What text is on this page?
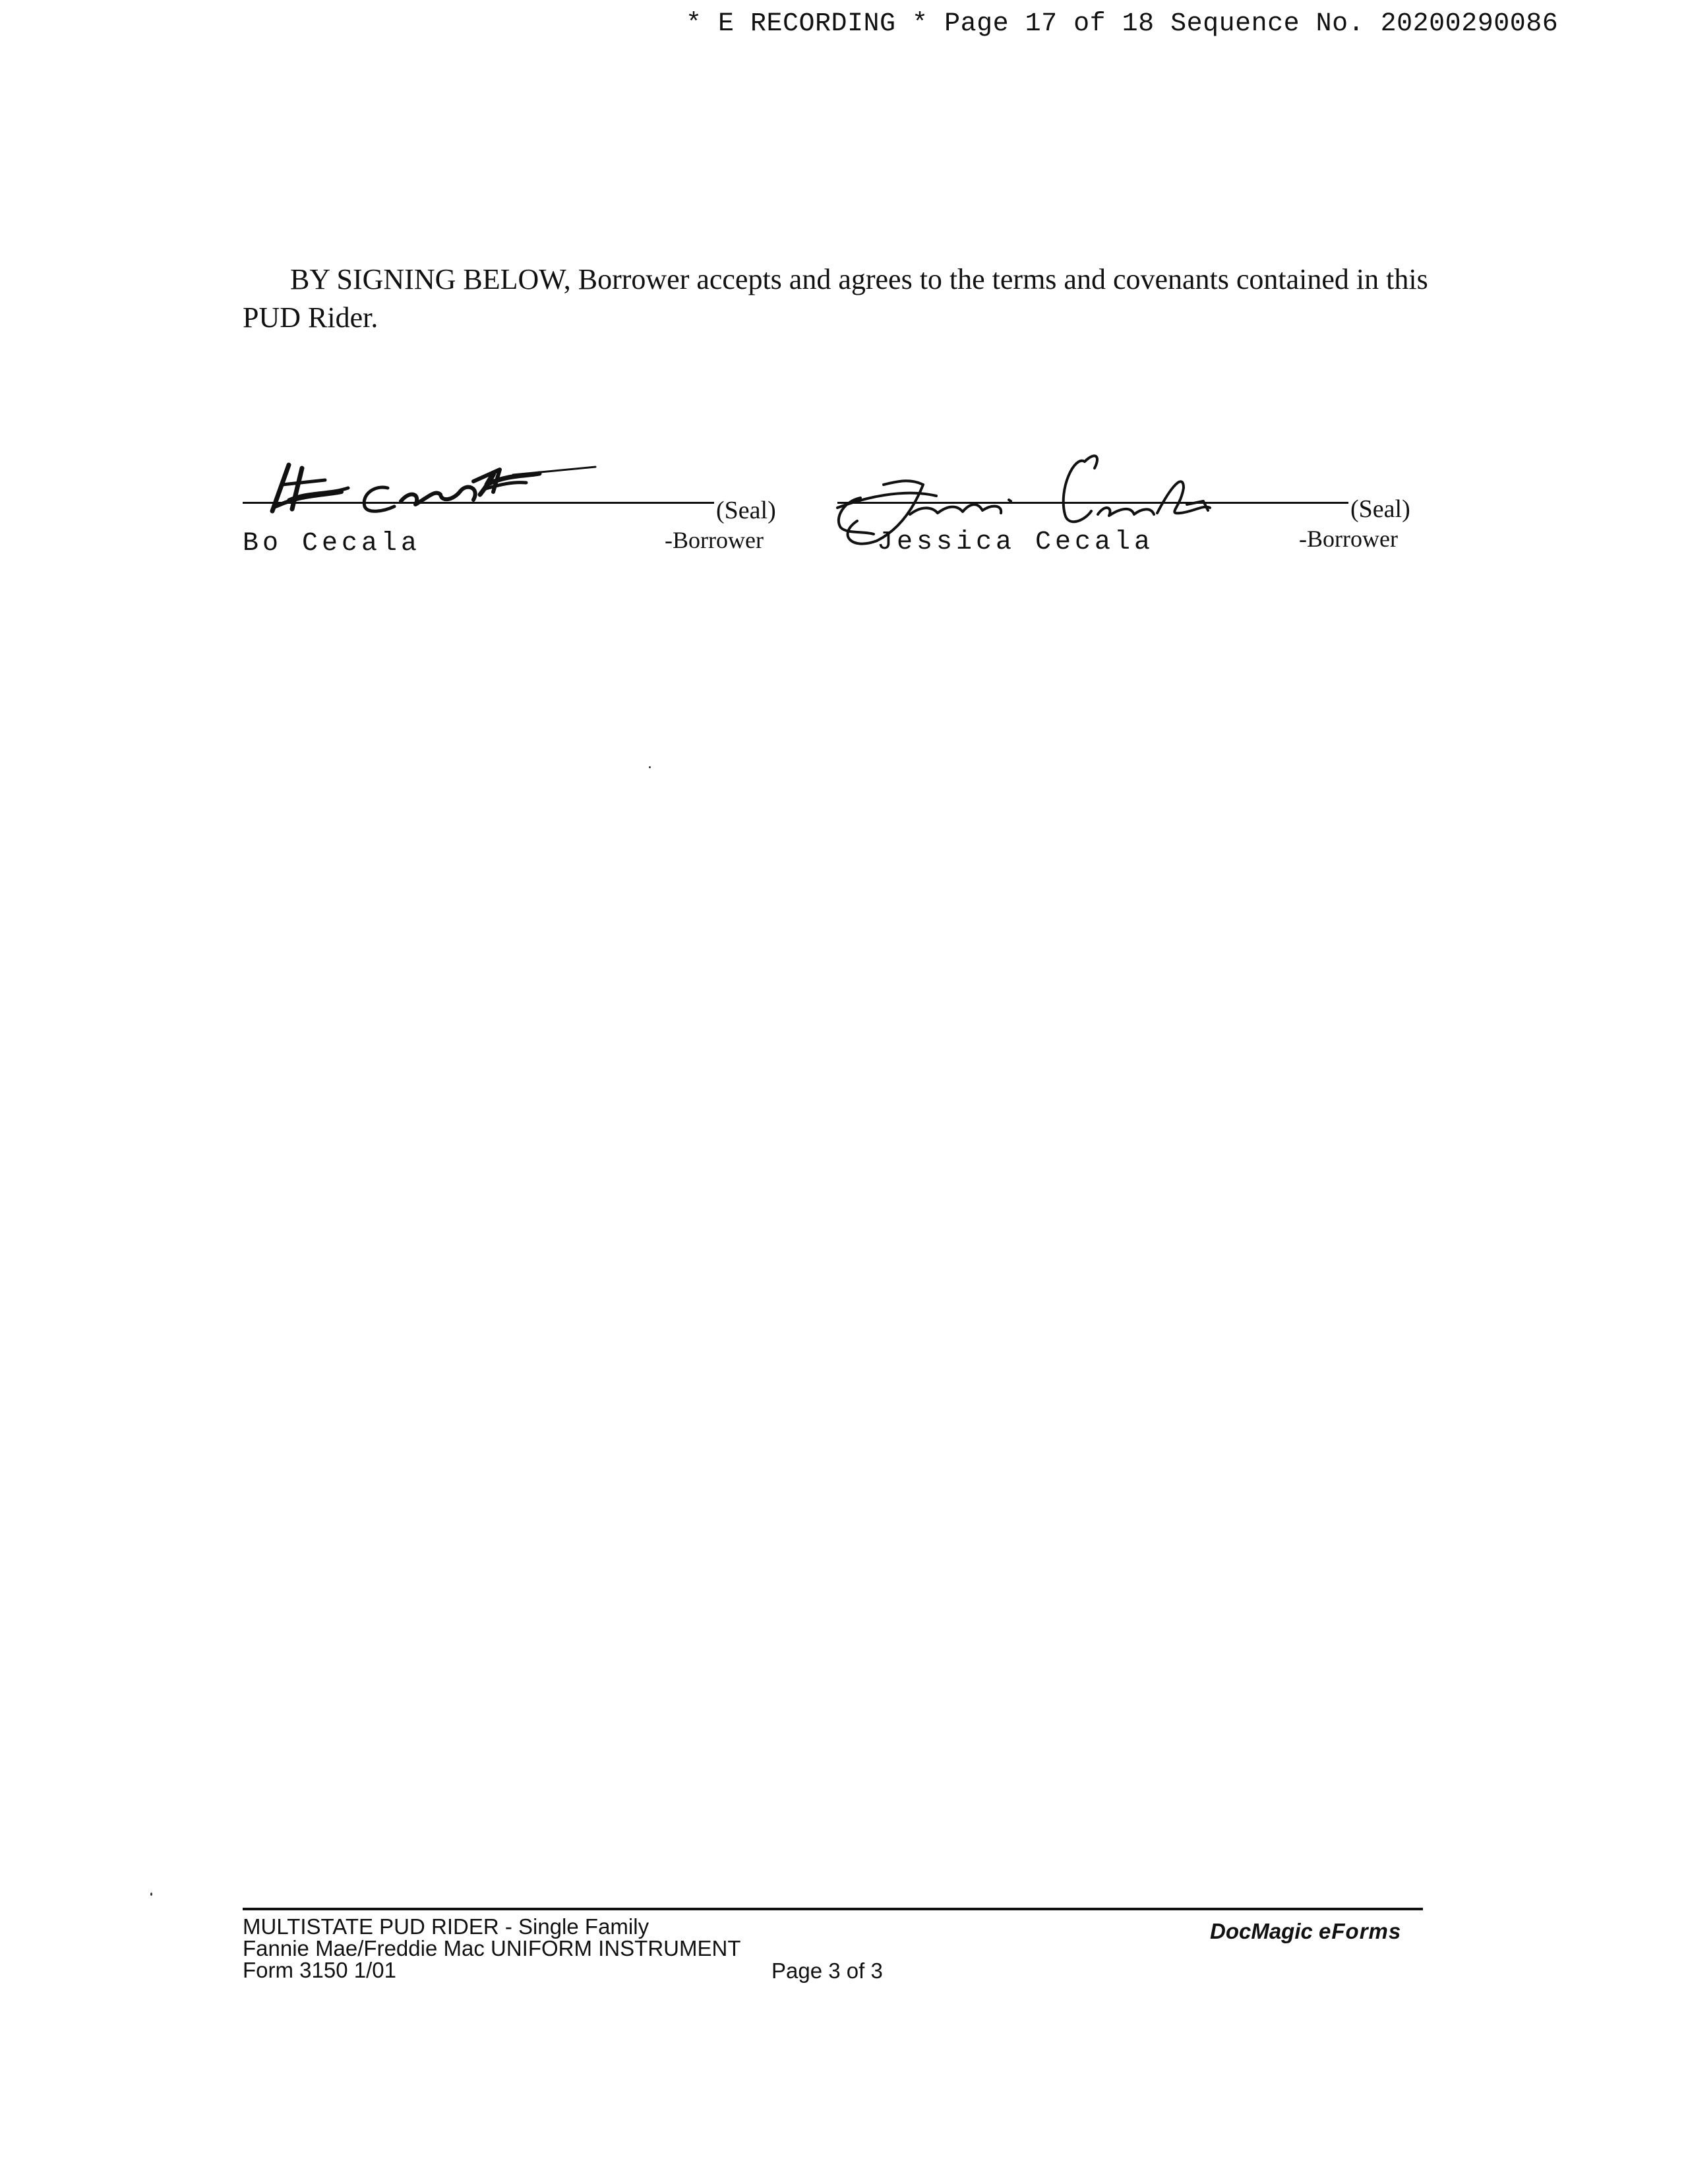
* E RECORDING * Page 17 of 18 Sequence No. 20200290086

BY SIGNING BELOW, Borrower accepts and agrees to the terms and covenants contained in this PUD Rider.

(Seal)
Bo Cecala	-Borrower
(Seal)
Jessica Cecala	-Borrower
MULTISTATE PUD RIDER - Single Family
Fannie Mae/Freddie Mac UNIFORM INSTRUMENT
Form 3150 1/01	Page 3 of 3
DocMagic eForms
